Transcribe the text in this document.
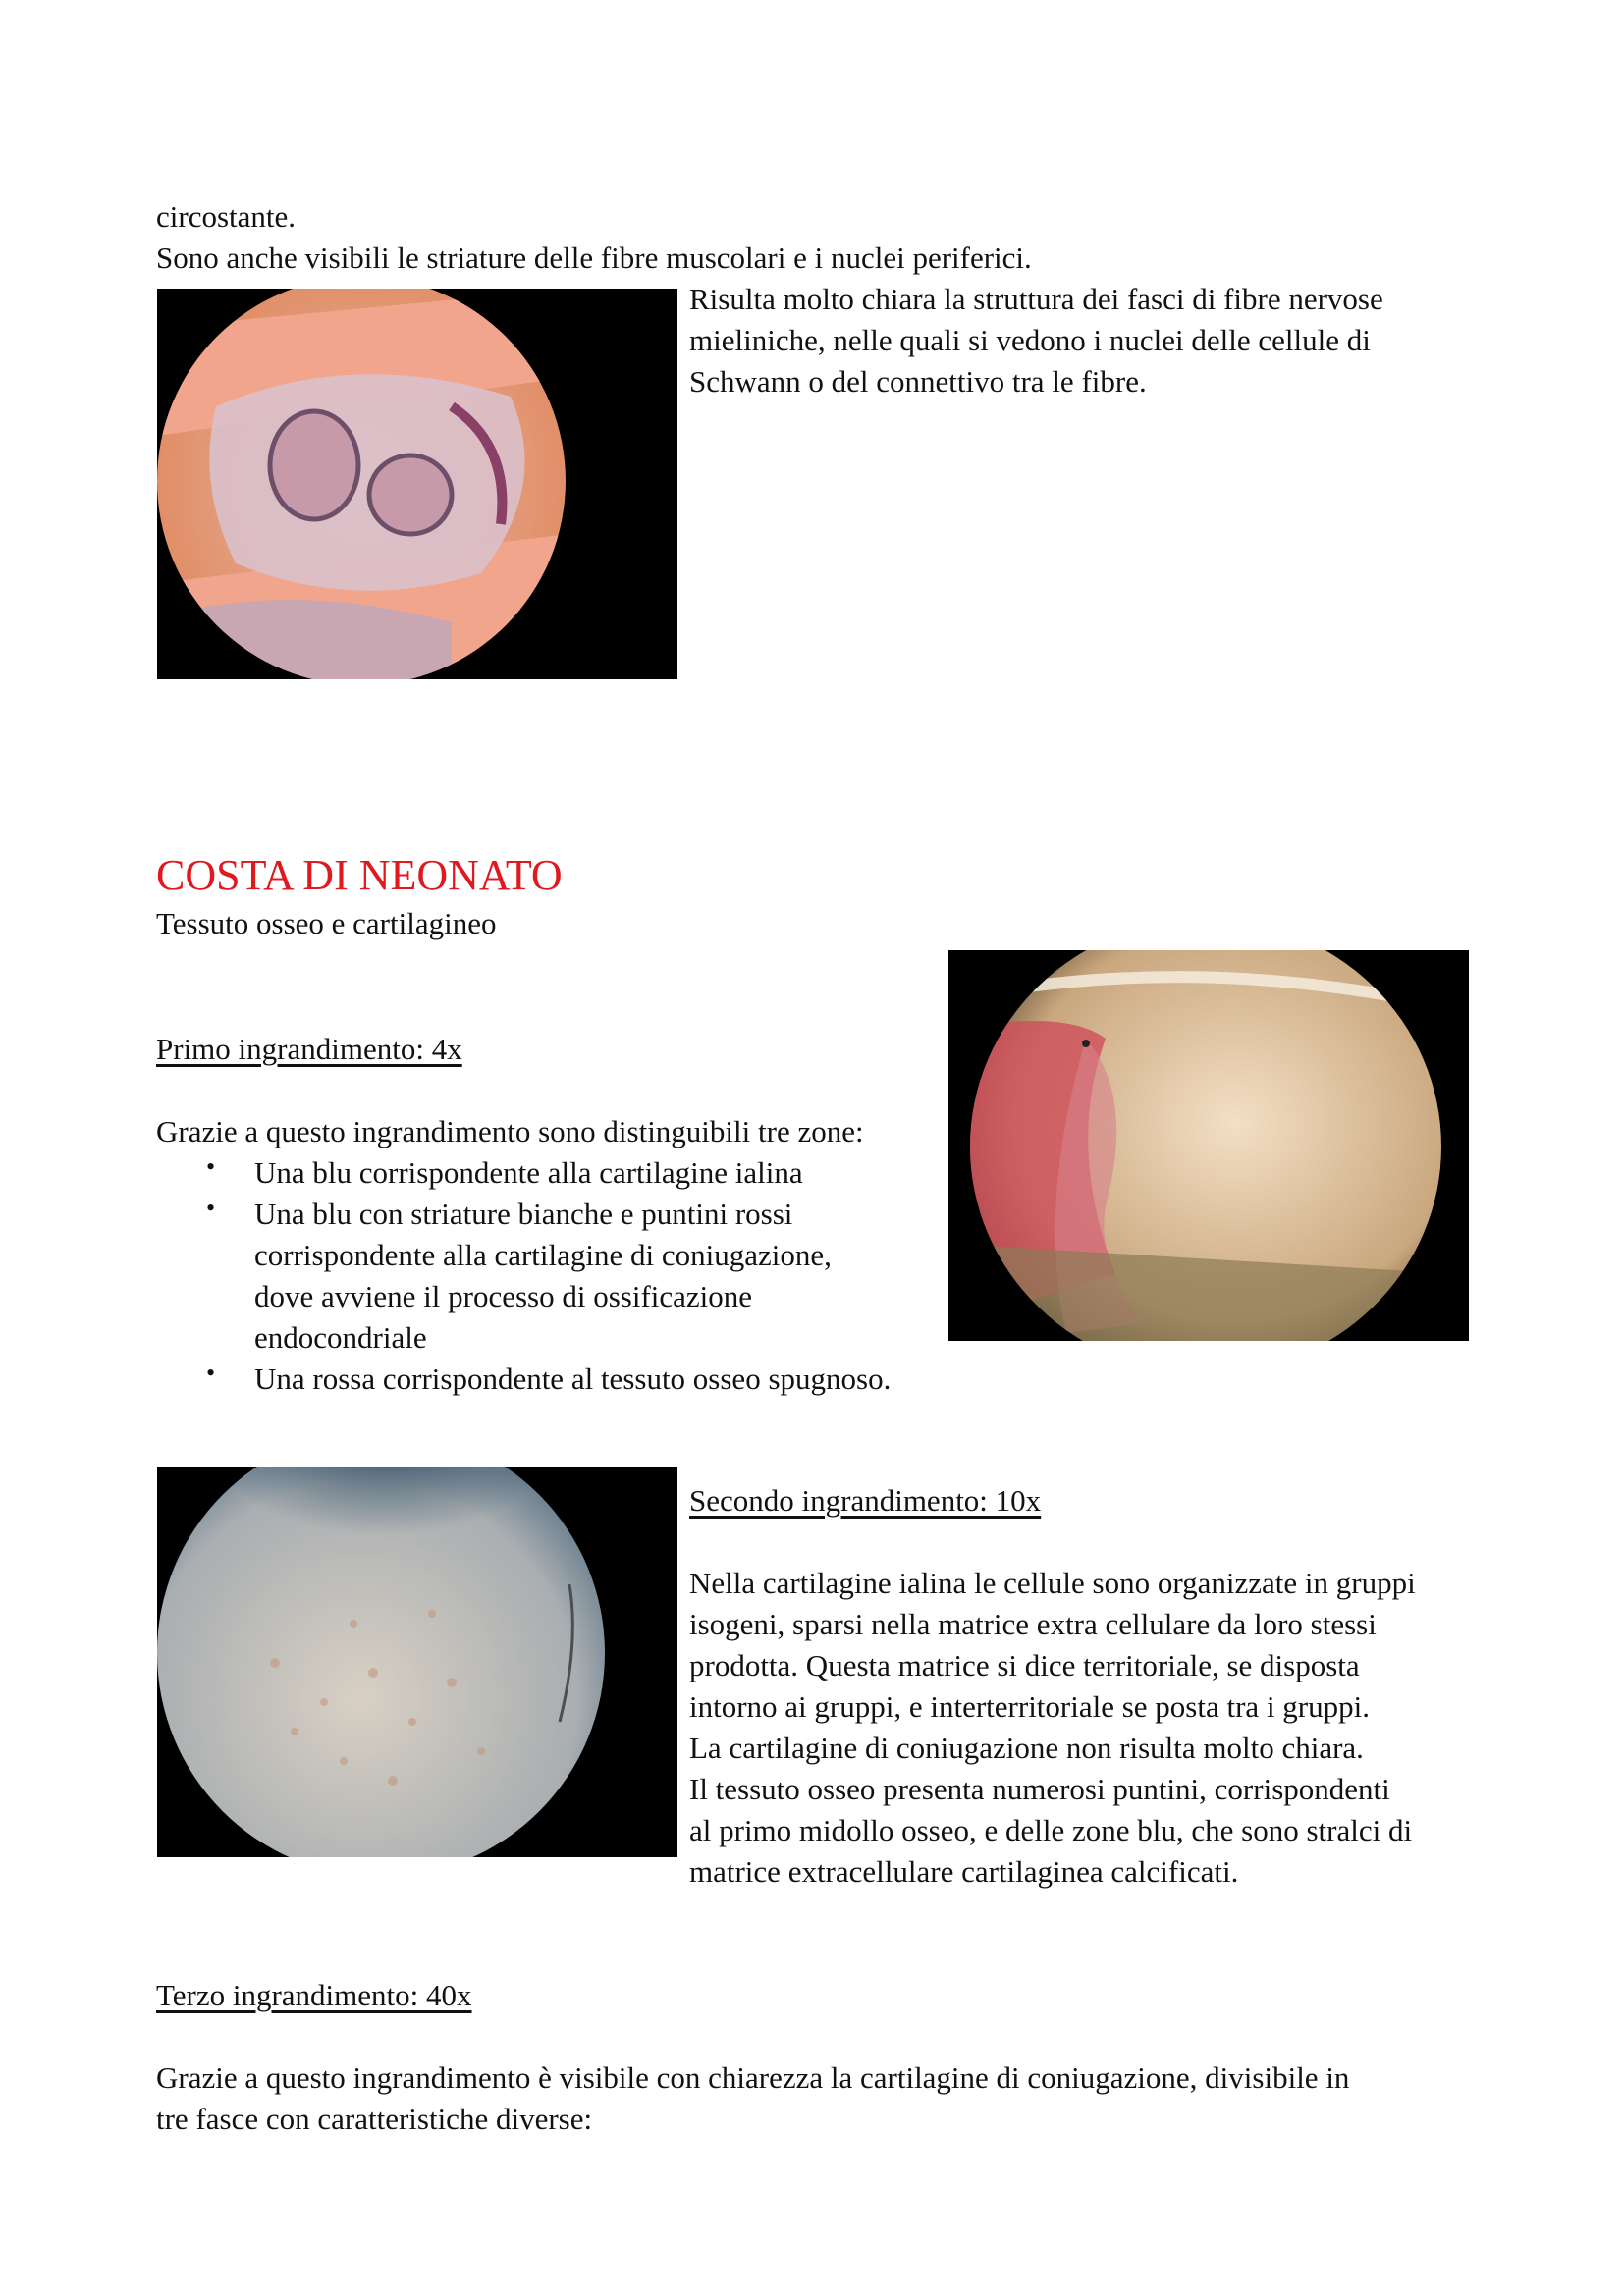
circostante.
Sono anche visibili le striature delle fibre muscolari e i nuclei periferici.
Risulta molto chiara la struttura dei fasci di fibre nervose
mieliniche, nelle quali si vedono i nuclei delle cellule di
Schwann o del connettivo tra le fibre.
COSTA DI NEONATO
Tessuto osseo e cartilagineo
Primo ingrandimento: 4x
Grazie a questo ingrandimento sono distinguibili tre zone:
• Una blu corrispondente alla cartilagine ialina
• Una blu con striature bianche e puntini rossi
corrispondente alla cartilagine di coniugazione,
dove avviene il processo di ossificazione
endocondriale
• Una rossa corrispondente al tessuto osseo spugnoso.
Secondo ingrandimento: 10x
Nella cartilagine ialina le cellule sono organizzate in gruppi
isogeni, sparsi nella matrice extra cellulare da loro stessi
prodotta. Questa matrice si dice territoriale, se disposta
intorno ai gruppi, e interterritoriale se posta tra i gruppi.
La cartilagine di coniugazione non risulta molto chiara.
Il tessuto osseo presenta numerosi puntini, corrispondenti
al primo midollo osseo, e delle zone blu, che sono stralci di
matrice extracellulare cartilaginea calcificati.
Terzo ingrandimento: 40x
Grazie a questo ingrandimento è visibile con chiarezza la cartilagine di coniugazione, divisibile in
tre fasce con caratteristiche diverse:
